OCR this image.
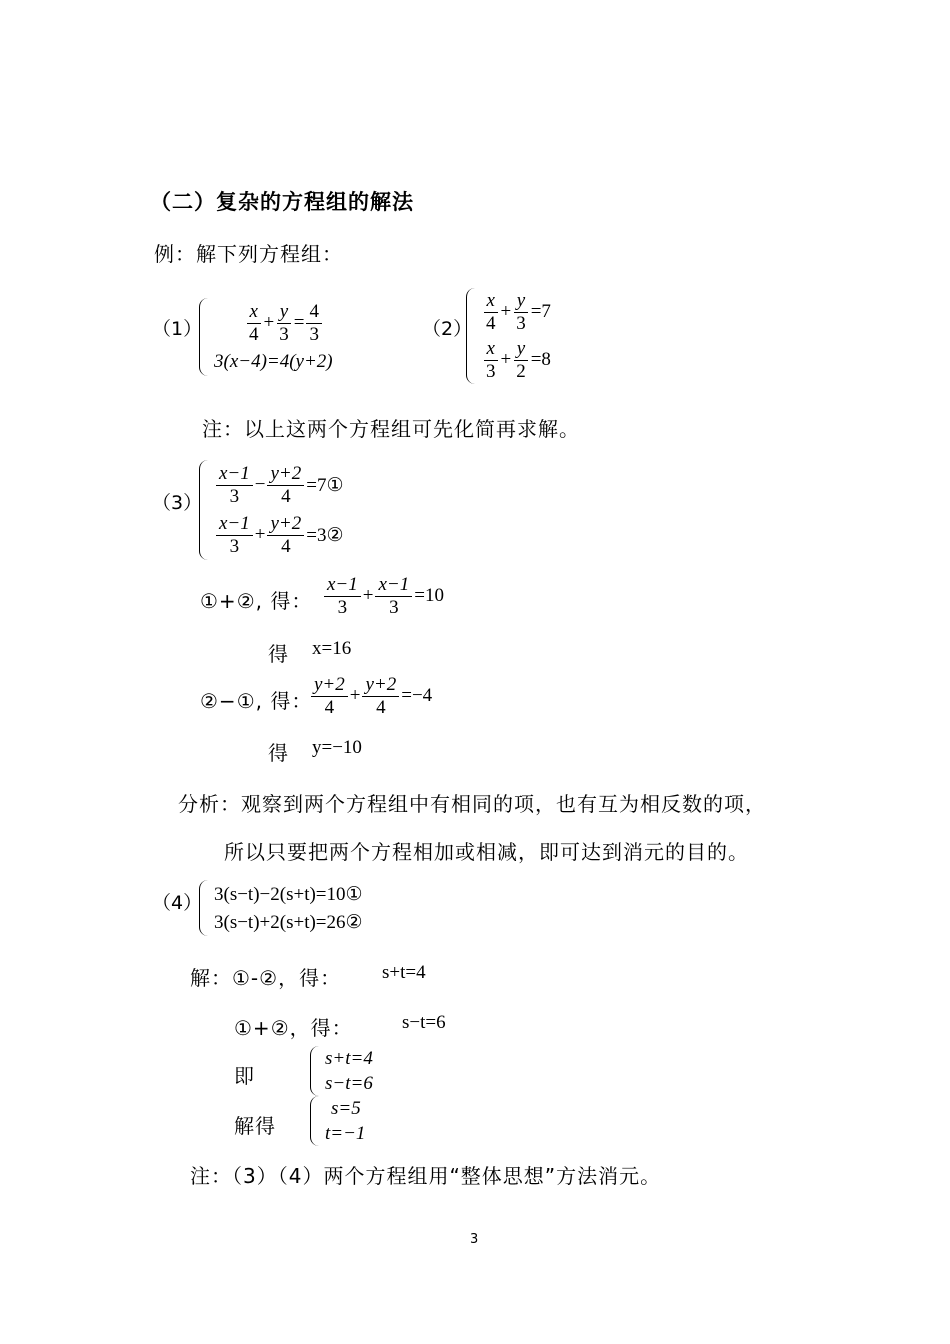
（二）复杂的方程组的解法
例：解下列方程组：
$(1) \frac{x}{4} + \frac{y}{3} = \frac{4}{3}$
3(x−4)=4(y+2)
$(2) \frac{x}{4} + \frac{y}{3} =7$
$\frac{x}{3} + \frac{y}{2} =8$
注：以上这两个方程组可先化简再求解。
$(3) \frac{x-1}{3} - \frac{y+2}{4}$ =7①
$\frac{x-1}{3} + \frac{y+2}{4}$ =3②
①+②, 得： $\frac{x-1}{3} + \frac{x-1}{3} =10$
得 x=16
②−①, 得：
$\frac{y+2}{4} + \frac{y+2}{4} =-4$
得 y=−10
分析：观察到两个方程组中有相同的项，也有互为相反数的项，
所以只要把两个方程相加或相减，即可达到消元的目的。
（4） 3(s−t)−2(s+t)=10①
3(s−t)+2(s+t)=26②
解：①-②，得： s+t=4
①+②，得：	s−t=6
即
s+t=4
s−t=6
解得
s=5
t=−1
注：（3）（4）两个方程组用“整体思想”方法消元。
3
